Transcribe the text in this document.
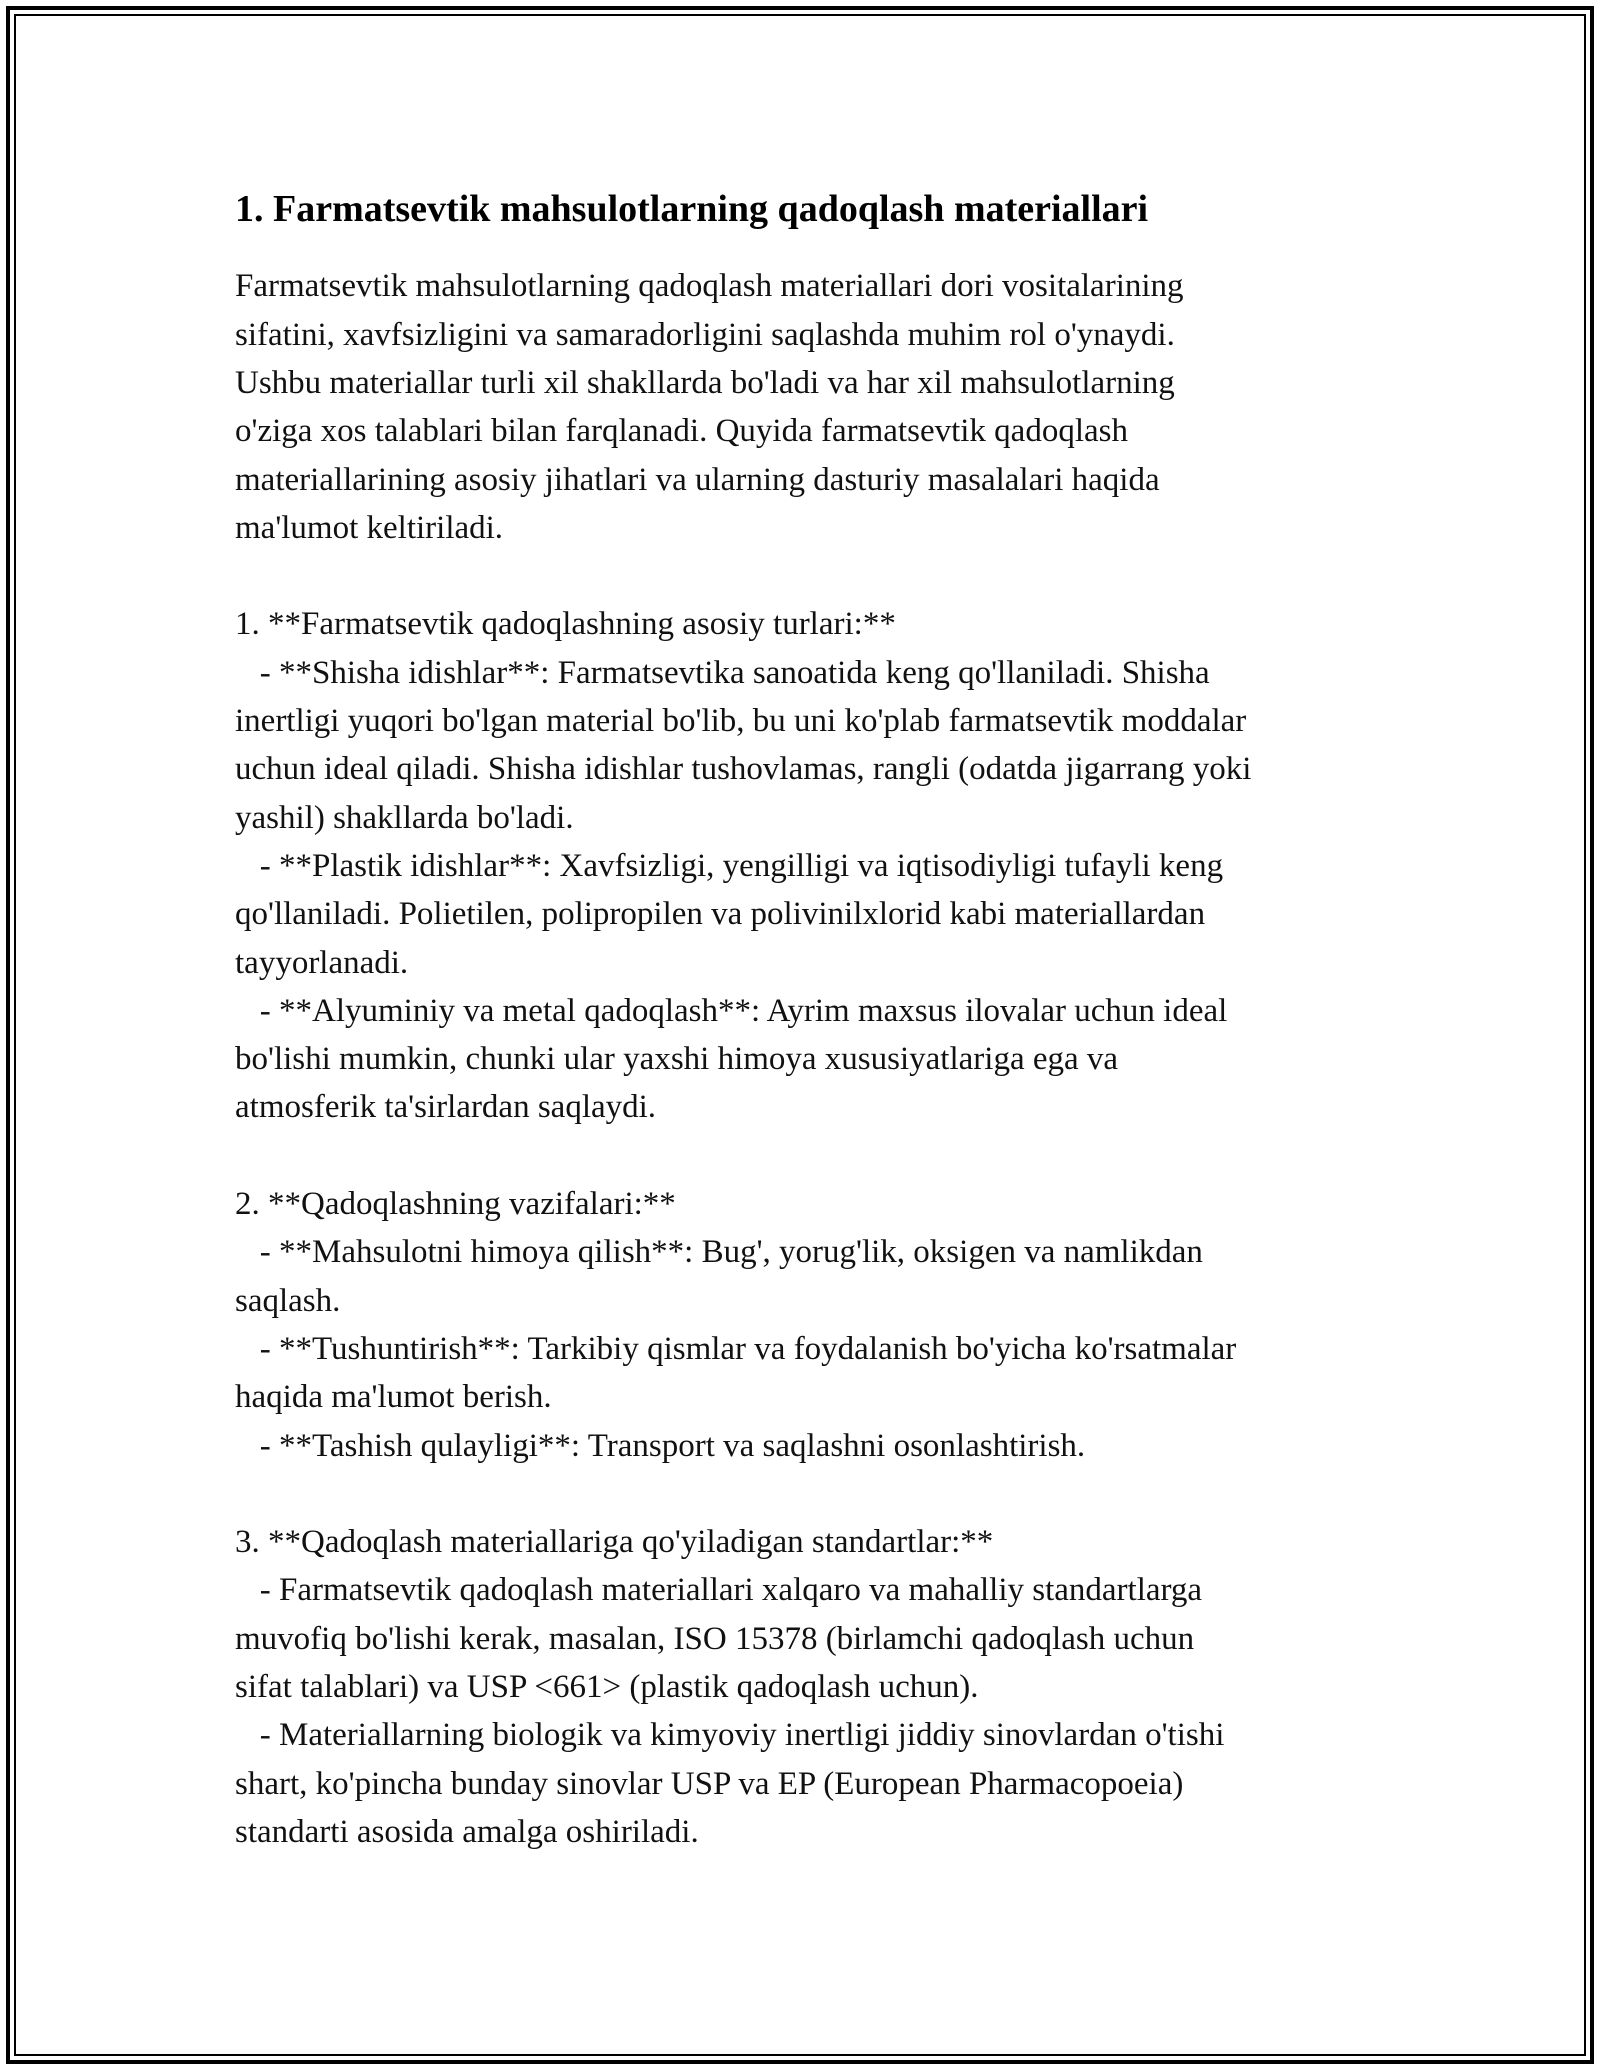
1. Farmatsevtik mahsulotlarning qadoqlash materiallari

Farmatsevtik mahsulotlarning qadoqlash materiallari dori vositalarining
sifatini, xavfsizligini va samaradorligini saqlashda muhim rol o'ynaydi.
Ushbu materiallar turli xil shakllarda bo'ladi va har xil mahsulotlarning
o'ziga xos talablari bilan farqlanadi. Quyida farmatsevtik qadoqlash
materiallarining asosiy jihatlari va ularning dasturiy masalalari haqida
ma'lumot keltiriladi.

1. **Farmatsevtik qadoqlashning asosiy turlari:**
- **Shisha idishlar**: Farmatsevtika sanoatida keng qo'llaniladi. Shisha
inertligi yuqori bo'lgan material bo'lib, bu uni ko'plab farmatsevtik moddalar
uchun ideal qiladi. Shisha idishlar tushovlamas, rangli (odatda jigarrang yoki
yashil) shakllarda bo'ladi.
- **Plastik idishlar**: Xavfsizligi, yengilligi va iqtisodiyligi tufayli keng
qo'llaniladi. Polietilen, polipropilen va polivinilxlorid kabi materiallardan
tayyorlanadi.
- **Alyuminiy va metal qadoqlash**: Ayrim maxsus ilovalar uchun ideal
bo'lishi mumkin, chunki ular yaxshi himoya xususiyatlariga ega va
atmosferik ta'sirlardan saqlaydi.

2. **Qadoqlashning vazifalari:**
- **Mahsulotni himoya qilish**: Bug', yorug'lik, oksigen va namlikdan
saqlash.
- **Tushuntirish**: Tarkibiy qismlar va foydalanish bo'yicha ko'rsatmalar
haqida ma'lumot berish.
- **Tashish qulayligi**: Transport va saqlashni osonlashtirish.

3. **Qadoqlash materiallariga qo'yiladigan standartlar:**
- Farmatsevtik qadoqlash materiallari xalqaro va mahalliy standartlarga
muvofiq bo'lishi kerak, masalan, ISO 15378 (birlamchi qadoqlash uchun
sifat talablari) va USP <661> (plastik qadoqlash uchun).
- Materiallarning biologik va kimyoviy inertligi jiddiy sinovlardan o'tishi
shart, ko'pincha bunday sinovlar USP va EP (European Pharmacopoeia)
standarti asosida amalga oshiriladi.
